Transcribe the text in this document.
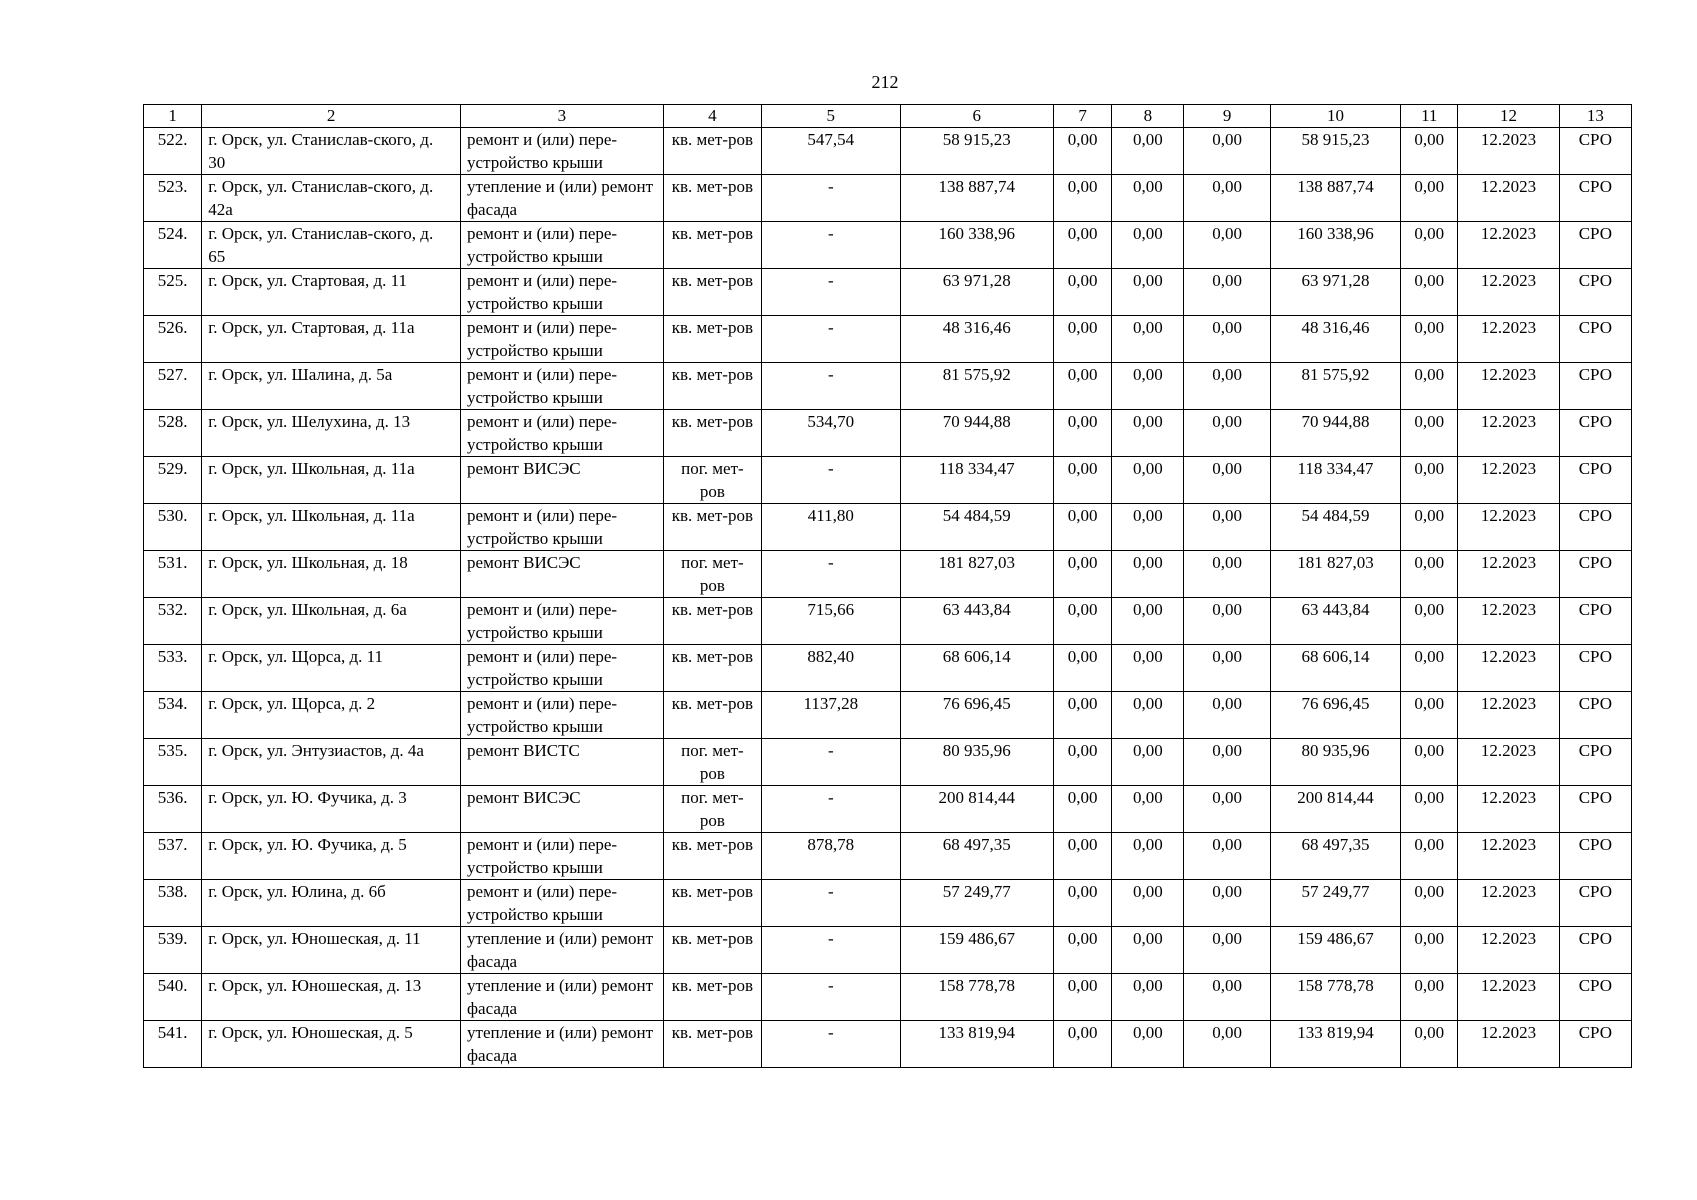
212
1	2	3	4	5	6	7	8	9	10	11	12	13
522.	г. Орск, ул. Станислав-ского, д. 30	ремонт и (или) пере-устройство крыши	кв. мет-ров	547,54	58 915,23	0,00	0,00	0,00	58 915,23	0,00	12.2023	СРО
523.	г. Орск, ул. Станислав-ского, д. 42а	утепление и (или) ремонт фасада	кв. мет-ров	-	138 887,74	0,00	0,00	0,00	138 887,74	0,00	12.2023	СРО
524.	г. Орск, ул. Станислав-ского, д. 65	ремонт и (или) пере-устройство крыши	кв. мет-ров	-	160 338,96	0,00	0,00	0,00	160 338,96	0,00	12.2023	СРО
525.	г. Орск, ул. Стартовая, д. 11	ремонт и (или) пере-устройство крыши	кв. мет-ров	-	63 971,28	0,00	0,00	0,00	63 971,28	0,00	12.2023	СРО
526.	г. Орск, ул. Стартовая, д. 11а	ремонт и (или) пере-устройство крыши	кв. мет-ров	-	48 316,46	0,00	0,00	0,00	48 316,46	0,00	12.2023	СРО
527.	г. Орск, ул. Шалина, д. 5а	ремонт и (или) пере-устройство крыши	кв. мет-ров	-	81 575,92	0,00	0,00	0,00	81 575,92	0,00	12.2023	СРО
528.	г. Орск, ул. Шелухина, д. 13	ремонт и (или) пере-устройство крыши	кв. мет-ров	534,70	70 944,88	0,00	0,00	0,00	70 944,88	0,00	12.2023	СРО
529.	г. Орск, ул. Школьная, д. 11а	ремонт ВИСЭС	пог. мет-ров	-	118 334,47	0,00	0,00	0,00	118 334,47	0,00	12.2023	СРО
530.	г. Орск, ул. Школьная, д. 11а	ремонт и (или) пере-устройство крыши	кв. мет-ров	411,80	54 484,59	0,00	0,00	0,00	54 484,59	0,00	12.2023	СРО
531.	г. Орск, ул. Школьная, д. 18	ремонт ВИСЭС	пог. мет-ров	-	181 827,03	0,00	0,00	0,00	181 827,03	0,00	12.2023	СРО
532.	г. Орск, ул. Школьная, д. 6а	ремонт и (или) пере-устройство крыши	кв. мет-ров	715,66	63 443,84	0,00	0,00	0,00	63 443,84	0,00	12.2023	СРО
533.	г. Орск, ул. Щорса, д. 11	ремонт и (или) пере-устройство крыши	кв. мет-ров	882,40	68 606,14	0,00	0,00	0,00	68 606,14	0,00	12.2023	СРО
534.	г. Орск, ул. Щорса, д. 2	ремонт и (или) пере-устройство крыши	кв. мет-ров	1137,28	76 696,45	0,00	0,00	0,00	76 696,45	0,00	12.2023	СРО
535.	г. Орск, ул. Энтузиастов, д. 4а	ремонт ВИСТС	пог. мет-ров	-	80 935,96	0,00	0,00	0,00	80 935,96	0,00	12.2023	СРО
536.	г. Орск, ул. Ю. Фучика, д. 3	ремонт ВИСЭС	пог. мет-ров	-	200 814,44	0,00	0,00	0,00	200 814,44	0,00	12.2023	СРО
537.	г. Орск, ул. Ю. Фучика, д. 5	ремонт и (или) пере-устройство крыши	кв. мет-ров	878,78	68 497,35	0,00	0,00	0,00	68 497,35	0,00	12.2023	СРО
538.	г. Орск, ул. Юлина, д. 6б	ремонт и (или) пере-устройство крыши	кв. мет-ров	-	57 249,77	0,00	0,00	0,00	57 249,77	0,00	12.2023	СРО
539.	г. Орск, ул. Юношеская, д. 11	утепление и (или) ремонт фасада	кв. мет-ров	-	159 486,67	0,00	0,00	0,00	159 486,67	0,00	12.2023	СРО
540.	г. Орск, ул. Юношеская, д. 13	утепление и (или) ремонт фасада	кв. мет-ров	-	158 778,78	0,00	0,00	0,00	158 778,78	0,00	12.2023	СРО
541.	г. Орск, ул. Юношеская, д. 5	утепление и (или) ремонт фасада	кв. мет-ров	-	133 819,94	0,00	0,00	0,00	133 819,94	0,00	12.2023	СРО
